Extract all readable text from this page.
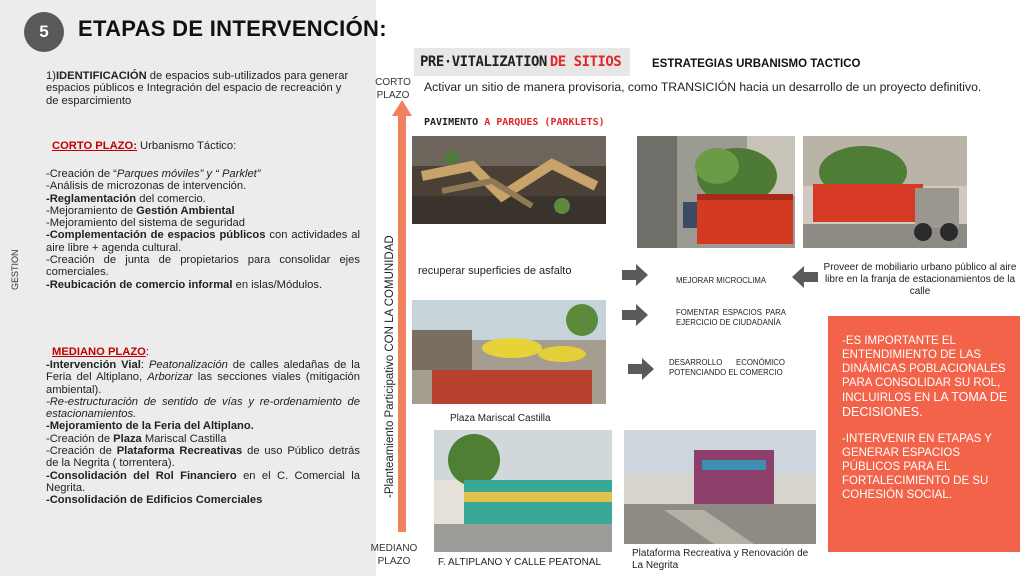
5	ETAPAS DE INTERVENCIÓN:
GESTION
1)IDENTIFICACIÓN de espacios sub-utilizados para generar espacios públicos e Integración del espacio de recreación y de esparcimiento
CORTO PLAZO: Urbanismo Táctico:
-Creación de “Parques móviles” y “ Parklet”
-Análisis de microzonas de intervención.
-Reglamentación del comercio.
-Mejoramiento de Gestión Ambiental
-Mejoramiento del sistema de seguridad
-Complementación de espacios públicos con actividades al aire libre + agenda cultural.
-Creación de junta de propietarios para consolidar ejes comerciales.
-Reubicación de comercio informal en islas/Módulos.
MEDIANO PLAZO:
-Intervención Vial: Peatonalización de calles aledañas de la Feria del Altiplano, Arborizar las secciones viales (mitigación ambiental).
-Re-estructuración de sentido de vías y re-ordenamiento de estacionamientos.
-Mejoramiento de la Feria del Altiplano.
-Creación de Plaza Mariscal Castilla
-Creación de Plataforma Recreativas de uso Público detrás de la Negrita ( torrentera).
-Consolidación del Rol Financiero en el C. Comercial la Negrita.
-Consolidación de Edificios Comerciales
CORTO PLAZO
MEDIANO PLAZO
-Planteamiento Participativo CON LA COMUNIDAD
PRE·VITALIZATION DE SITIOS	ESTRATEGIAS URBANISMO TACTICO
Activar un sitio de manera provisoria, como TRANSICIÓN hacia un desarrollo de un proyecto definitivo.
PAVIMENTO A PARQUES (PARKLETS)
recuperar superficies de asfalto	Proveer de mobiliario urbano público al aire libre en la franja de estacionamientos de la calle
MEJORAR MICROCLIMA
FOMENTAR ESPACIOS PARA EJERCICIO DE CIUDADANÍA
DESARROLLO ECONÓMICO POTENCIANDO EL COMERCIO
Plaza Mariscal Castilla
F. ALTIPLANO Y CALLE PEATONAL
Plataforma Recreativa y Renovación de La Negrita

-ES IMPORTANTE EL ENTENDIMIENTO DE LAS DINÁMICAS POBLACIONALES PARA CONSOLIDAR SU ROL, INCLUIRLOS EN LA TOMA DE DECISIONES.

-INTERVENIR EN ETAPAS Y GENERAR ESPACIOS PÚBLICOS PARA EL FORTALECIMIENTO DE SU COHESIÓN SOCIAL.
